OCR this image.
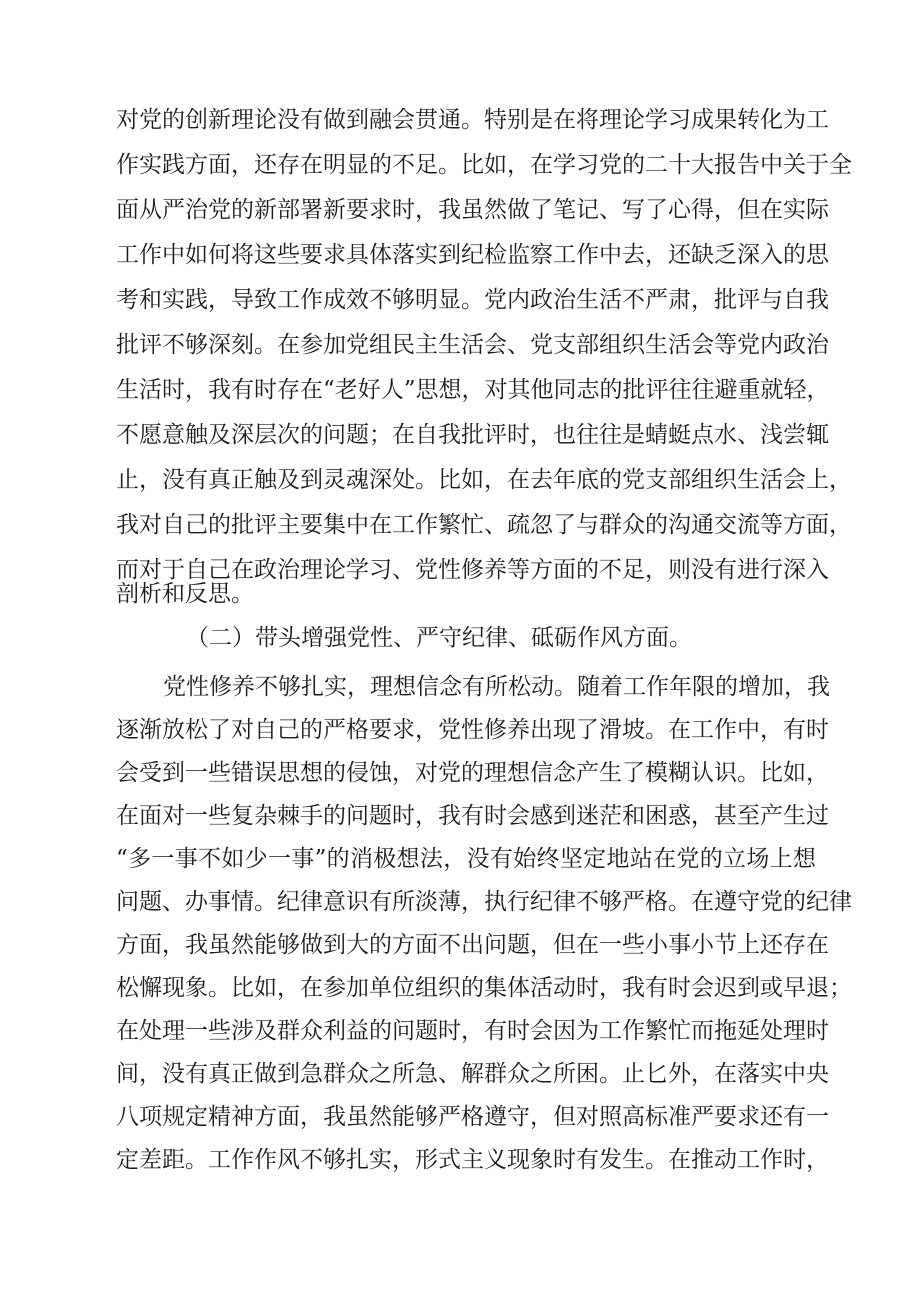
对党的创新理论没有做到融会贯通。特别是在将理论学习成果转化为工
作实践方面，还存在明显的不足。比如，在学习党的二十大报告中关于全
面从严治党的新部署新要求时，我虽然做了笔记、写了心得，但在实际
工作中如何将这些要求具体落实到纪检监察工作中去，还缺乏深入的思
考和实践，导致工作成效不够明显。党内政治生活不严肃，批评与自我
批评不够深刻。在参加党组民主生活会、党支部组织生活会等党内政治
生活时，我有时存在“老好人”思想，对其他同志的批评往往避重就轻，
不愿意触及深层次的问题；在自我批评时，也往往是蜻蜓点水、浅尝辄
止，没有真正触及到灵魂深处。比如，在去年底的党支部组织生活会上，
我对自己的批评主要集中在工作繁忙、疏忽了与群众的沟通交流等方面，
而对于自己在政治理论学习、党性修养等方面的不足，则没有进行深入
剖析和反思。
（二）带头增强党性、严守纪律、砥砺作风方面。
党性修养不够扎实，理想信念有所松动。随着工作年限的增加，我
逐渐放松了对自己的严格要求，党性修养出现了滑坡。在工作中，有时
会受到一些错误思想的侵蚀，对党的理想信念产生了模糊认识。比如，
在面对一些复杂棘手的问题时，我有时会感到迷茫和困惑，甚至产生过
“多一事不如少一事”的消极想法，没有始终坚定地站在党的立场上想
问题、办事情。纪律意识有所淡薄，执行纪律不够严格。在遵守党的纪律
方面，我虽然能够做到大的方面不出问题，但在一些小事小节上还存在
松懈现象。比如，在参加单位组织的集体活动时，我有时会迟到或早退；
在处理一些涉及群众利益的问题时，有时会因为工作繁忙而拖延处理时
间，没有真正做到急群众之所急、解群众之所困。止匕外，在落实中央
八项规定精神方面，我虽然能够严格遵守，但对照高标准严要求还有一
定差距。工作作风不够扎实，形式主义现象时有发生。在推动工作时，
